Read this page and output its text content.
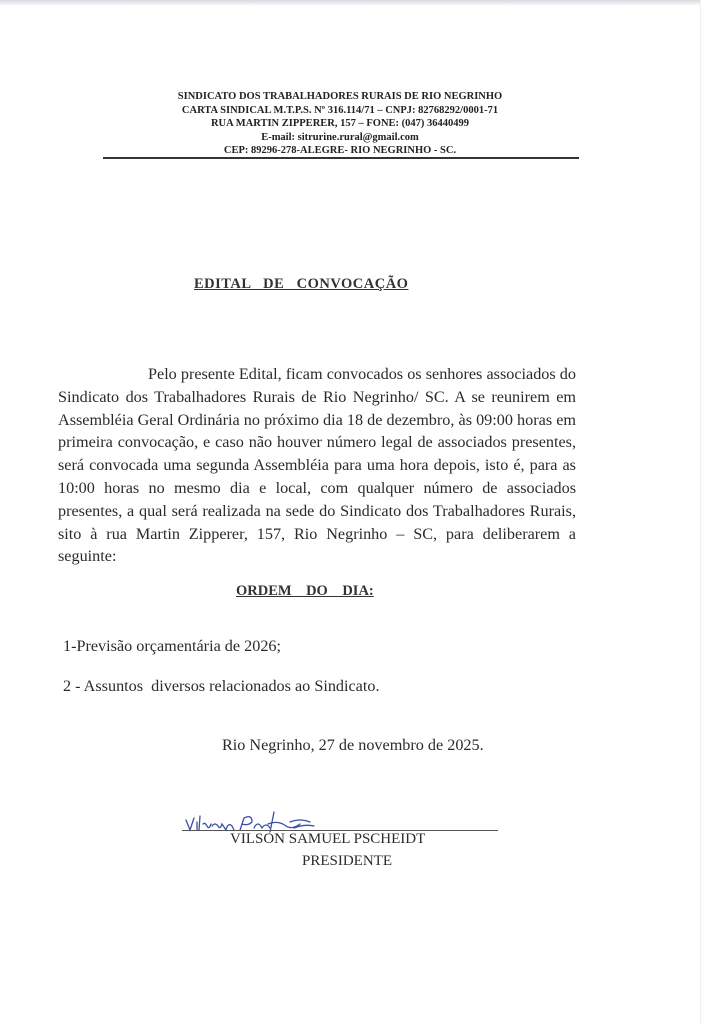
SINDICATO DOS TRABALHADORES RURAIS DE RIO NEGRINHO
CARTA SINDICAL M.T.P.S. Nº 316.114/71 – CNPJ: 82768292/0001-71
RUA MARTIN ZIPPERER, 157 – FONE: (047) 36440499
E-mail: sitrurine.rural@gmail.com
CEP: 89296-278-ALEGRE- RIO NEGRINHO - SC.
EDITAL   DE   CONVOCAÇÃO

Pelo presente Edital, ficam convocados os senhores associados do Sindicato dos Trabalhadores Rurais de Rio Negrinho/ SC. A se reunirem em Assembléia Geral Ordinária no próximo dia 18 de dezembro, às 09:00 horas em primeira convocação, e caso não houver número legal de associados presentes, será convocada uma segunda Assembléia para uma hora depois, isto é, para as 10:00 horas no mesmo dia e local, com qualquer número de associados presentes, a qual será realizada na sede do Sindicato dos Trabalhadores Rurais, sito à rua Martin Zipperer, 157, Rio Negrinho – SC, para deliberarem a seguinte:

ORDEM    DO    DIA:
1-Previsão orçamentária de 2026;
2 - Assuntos  diversos relacionados ao Sindicato.
Rio Negrinho, 27 de novembro de 2025.
VILSON SAMUEL PSCHEIDT
PRESIDENTE
